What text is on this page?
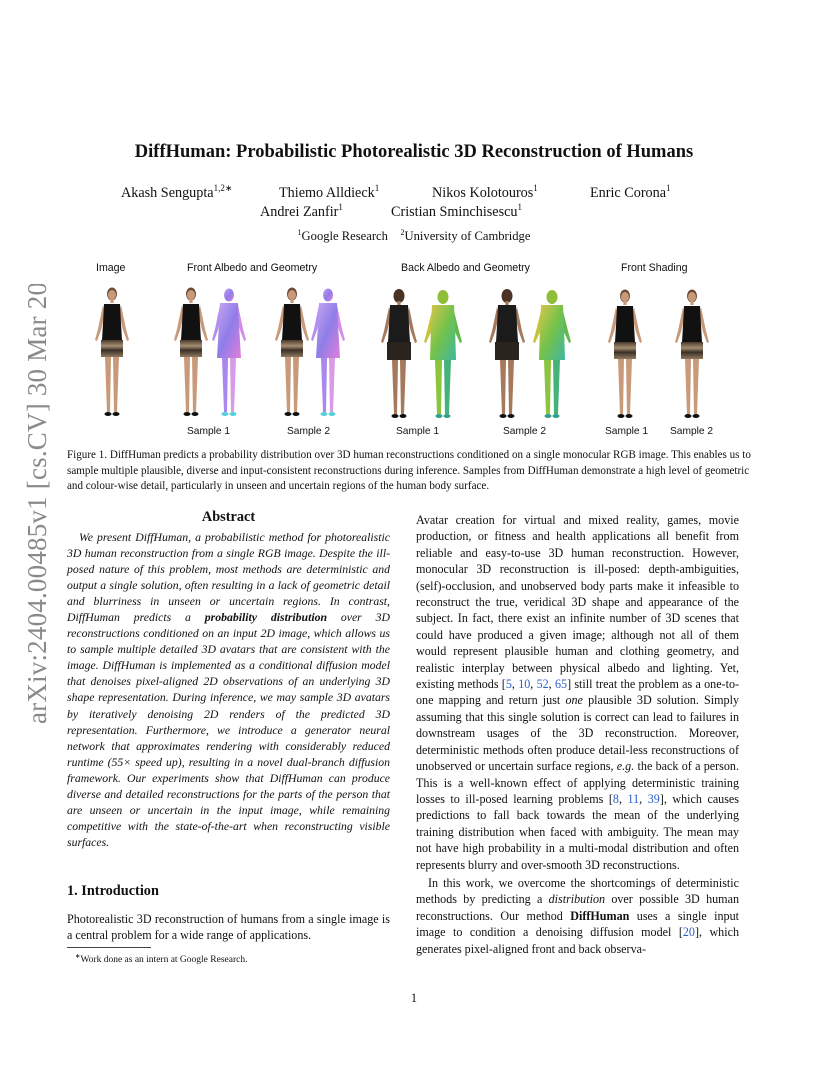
arXiv:2404.00485v1 [cs.CV] 30 Mar 2024
DiffHuman: Probabilistic Photorealistic 3D Reconstruction of Humans
Akash Sengupta$^{1,2∗}$	Thiemo Alldieck$^1$	Nikos Kolotouros$^1$	Enric Corona$^1$
Andrei Zanfir$^1$	Cristian Sminchisescu$^1$
$^1$Google Research $^2$University of Cambridge
Image	Front Albedo and Geometry	Back Albedo and Geometry	Front Shading
Sample 1	Sample 2	Sample 1	Sample 2	Sample 1 Sample 2
Figure 1. DiffHuman predicts a probability distribution over 3D human reconstructions conditioned on a single monocular RGB image. This enables us to sample multiple plausible, diverse and input-consistent reconstructions during inference. Samples from DiffHuman demonstrate a high level of geometric and colour-wise detail, particularly in unseen and uncertain regions of the human body surface.
Abstract
We present DiffHuman, a probabilistic method for photorealistic 3D human reconstruction from a single RGB image. Despite the ill-posed nature of this problem, most methods are deterministic and output a single solution, often resulting in a lack of geometric detail and blurriness in unseen or uncertain regions. In contrast, DiffHuman predicts a probability distribution over 3D reconstructions conditioned on an input 2D image, which allows us to sample multiple detailed 3D avatars that are consistent with the image. DiffHuman is implemented as a conditional diffusion model that denoises pixel-aligned 2D observations of an underlying 3D shape representation. During inference, we may sample 3D avatars by iteratively denoising 2D renders of the predicted 3D representation. Furthermore, we introduce a generator neural network that approximates rendering with considerably reduced runtime (55× speed up), resulting in a novel dual-branch diffusion framework. Our experiments show that DiffHuman can produce diverse and detailed reconstructions for the parts of the person that are unseen or uncertain in the input image, while remaining competitive with the state-of-the-art when reconstructing visible surfaces.
1. Introduction
Photorealistic 3D reconstruction of humans from a single image is a central problem for a wide range of applications.
∗Work done as an intern at Google Research.

Avatar creation for virtual and mixed reality, games, movie production, or fitness and health applications all benefit from reliable and easy-to-use 3D human reconstruction. However, monocular 3D reconstruction is ill-posed: depth-ambiguities, (self)-occlusion, and unobserved body parts make it infeasible to reconstruct the true, veridical 3D shape and appearance of the subject. In fact, there exist an infinite number of 3D scenes that could have produced a given image; although not all of them would represent plausible human and clothing geometry, and realistic interplay between physical albedo and lighting. Yet, existing methods [5, 10, 52, 65] still treat the problem as a one-to-one mapping and return just one plausible 3D solution. Simply assuming that this single solution is correct can lead to failures in downstream usages of the 3D reconstruction. Moreover, deterministic methods often produce detail-less reconstructions of unobserved or uncertain surface regions, e.g. the back of a person. This is a well-known effect of applying deterministic training losses to ill-posed learning problems [8, 11, 39], which causes predictions to fall back towards the mean of the underlying training distribution when faced with ambiguity. The mean may not have high probability in a multi-modal distribution and often represents blurry and over-smooth 3D reconstructions.

In this work, we overcome the shortcomings of deterministic methods by predicting a distribution over possible 3D human reconstructions. Our method DiffHuman uses a single input image to condition a denoising diffusion model [20], which generates pixel-aligned front and back observa-

1
